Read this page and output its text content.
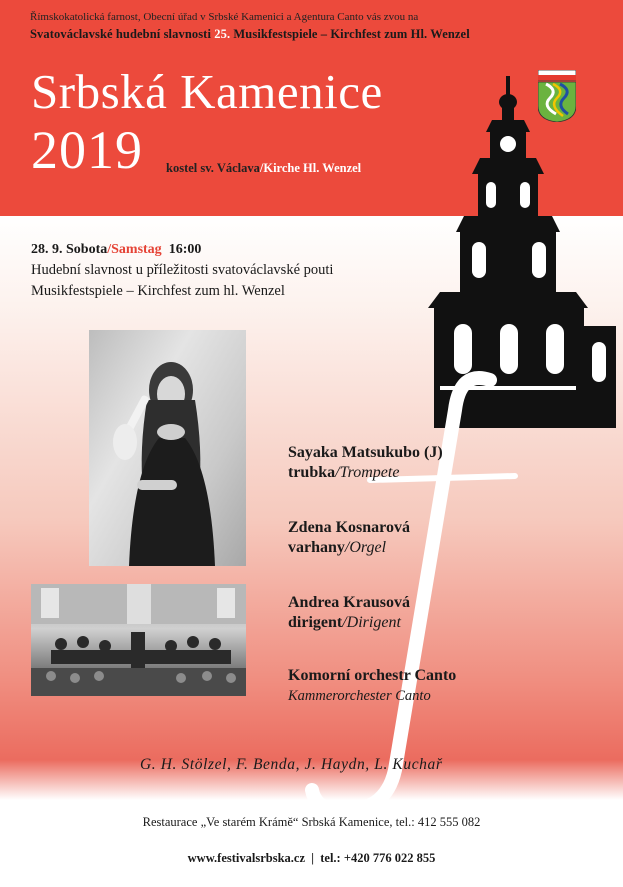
Římskokatolická farnost, Obecní úřad v Srbské Kamenici a Agentura Canto vás zvou na
Svatováclavské hudební slavnosti 25. Musikfestspiele – Kirchfest zum Hl. Wenzel
Srbská Kamenice
2019 kostel sv. Václava/Kirche Hl. Wenzel
28. 9. Sobota/Samstag 16:00
Hudební slavnost u příležitosti svatováclavské pouti
Musikfestspiele – Kirchfest zum hl. Wenzel
Sayaka Matsukubo (J)
trubka/Trompete
Zdena Kosnarová
varhany/Orgel
Andrea Krausová
dirigent/Dirigent
Komorní orchestr Canto
Kammerorchester Canto
G. H. Stölzel, F. Benda, J. Haydn, L. Kuchař
Restaurace „Ve starém Krámě“ Srbská Kamenice, tel.: 412 555 082
www.festivalsrbska.cz  |  tel.: +420 776 022 855
